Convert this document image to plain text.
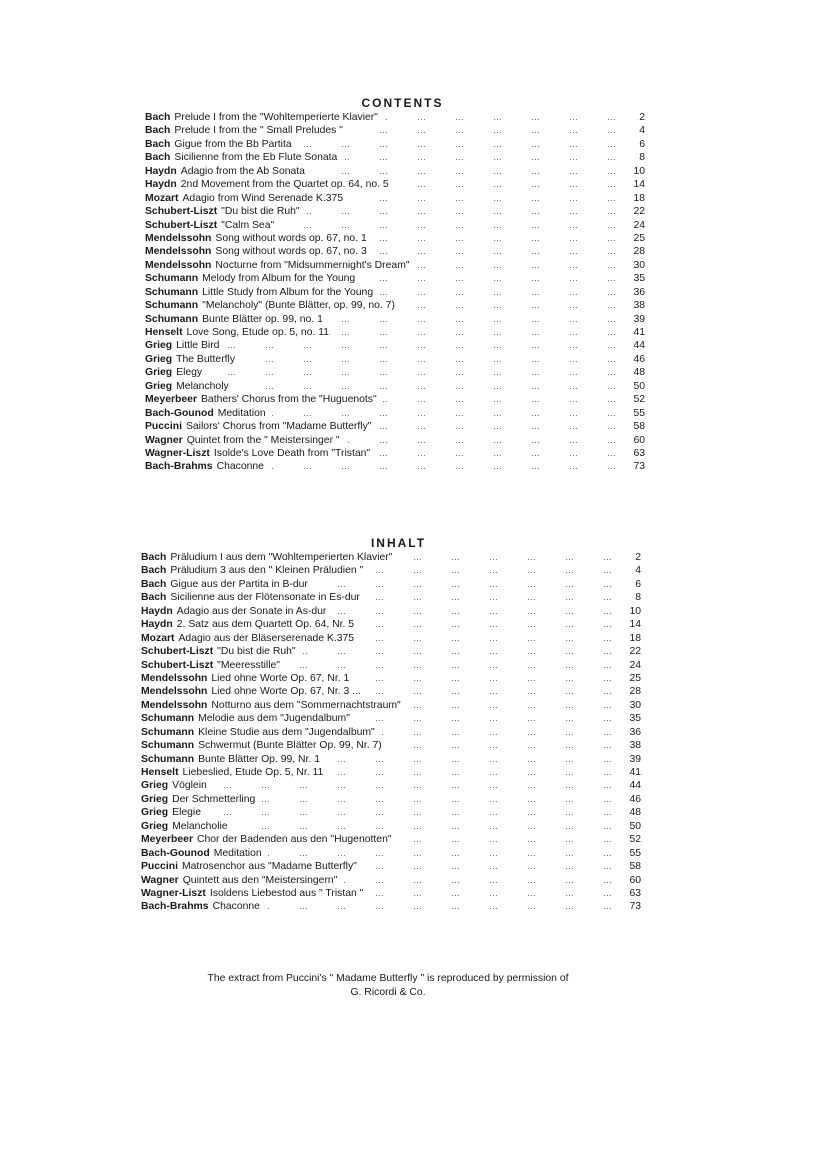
CONTENTS
Bach Prelude I from the "Wohltemperierte Klavier" …        …        …        …        …        …        …        …        …        …        …	2
Bach Prelude I from the " Small Preludes " …        …        …        …        …        …        …        …        …        …        …	4
Bach Gigue from the Bb Partita …        …        …        …        …        …        …        …        …        …        …	6
Bach Sicilienne from the Eb Flute Sonata …        …        …        …        …        …        …        …        …        …        …	8
Haydn Adagio from the Ab Sonata …        …        …        …        …        …        …        …        …        …        …	10
Haydn 2nd Movement from the Quartet op. 64, no. 5 …        …        …        …        …        …        …        …        …        …        …	14
Mozart Adagio from Wind Serenade K.375 …        …        …        …        …        …        …        …        …        …        …	18
Schubert-Liszt "Du bist die Ruh" …        …        …        …        …        …        …        …        …        …        …	22
Schubert-Liszt "Calm Sea" …        …        …        …        …        …        …        …        …        …        …	24
Mendelssohn Song without words op. 67, no. 1 …        …        …        …        …        …        …        …        …        …        …	25
Mendelssohn Song without words op. 67, no. 3 …        …        …        …        …        …        …        …        …        …        …	28
Mendelssohn Nocturne from "Midsummernight's Dream" …        …        …        …        …        …        …        …        …        …        …	30
Schumann Melody from Album for the Young …        …        …        …        …        …        …        …        …        …        …	35
Schumann Little Study from Album for the Young …        …        …        …        …        …        …        …        …        …        …	36
Schumann "Melancholy" (Bunte Blätter, op. 99, no. 7) …        …        …        …        …        …        …        …        …        …        …	38
Schumann Bunte Blätter op. 99, no. 1 …        …        …        …        …        …        …        …        …        …        …	39
Henselt Love Song, Etude op. 5, no. 11 …        …        …        …        …        …        …        …        …        …        …	41
Grieg Little Bird …        …        …        …        …        …        …        …        …        …        …	44
Grieg The Butterfly …        …        …        …        …        …        …        …        …        …        …	46
Grieg Elegy …        …        …        …        …        …        …        …        …        …        …	48
Grieg Melancholy …        …        …        …        …        …        …        …        …        …        …	50
Meyerbeer Bathers' Chorus from the "Huguenots" …        …        …        …        …        …        …        …        …        …        …	52
Bach-Gounod Meditation …        …        …        …        …        …        …        …        …        …        …	55
Puccini Sailors' Chorus from "Madame Butterfly" …        …        …        …        …        …        …        …        …        …        …	58
Wagner Quintet from the " Meistersinger " …        …        …        …        …        …        …        …        …        …        …	60
Wagner-Liszt Isolde's Love Death from "Tristan" …        …        …        …        …        …        …        …        …        …        …	63
Bach-Brahms Chaconne …        …        …        …        …        …        …        …        …        …        …	73
INHALT
Bach Präludium I aus dem "Wohltemperierten Klavier" …        …        …        …        …        …        …        …        …        …        …	2
Bach Präludium 3 aus den " Kleinen Präludien " …        …        …        …        …        …        …        …        …        …        …	4
Bach Gigue aus der Partita in B-dur …        …        …        …        …        …        …        …        …        …        …	6
Bach Sicilienne aus der Flötensonate in Es-dur …        …        …        …        …        …        …        …        …        …        …	8
Haydn Adagio aus der Sonate in As-dur …        …        …        …        …        …        …        …        …        …        …	10
Haydn 2. Satz aus dem Quartett Op. 64, Nr. 5 …        …        …        …        …        …        …        …        …        …        …	14
Mozart Adagio aus der Bläserserenade K.375 …        …        …        …        …        …        …        …        …        …        …	18
Schubert-Liszt "Du bist die Ruh" …        …        …        …        …        …        …        …        …        …        …	22
Schubert-Liszt "Meeresstille" …        …        …        …        …        …        …        …        …        …        …	24
Mendelssohn Lied ohne Worte Op. 67, Nr. 1 …        …        …        …        …        …        …        …        …        …        …	25
Mendelssohn Lied ohne Worte Op. 67, Nr. 3 ... …        …        …        …        …        …        …        …        …        …        …	28
Mendelssohn Notturno aus dem "Sommernachtstraum" …        …        …        …        …        …        …        …        …        …        …	30
Schumann Melodie aus dem "Jugendalbum" …        …        …        …        …        …        …        …        …        …        …	35
Schumann Kleine Studie aus dem "Jugendalbum" …        …        …        …        …        …        …        …        …        …        …	36
Schumann Schwermut (Bunte Blätter Op. 99, Nr. 7) …        …        …        …        …        …        …        …        …        …        …	38
Schumann Bunte Blätter Op. 99, Nr. 1 …        …        …        …        …        …        …        …        …        …        …	39
Henselt Liebeslied, Etude Op. 5, Nr. 11 …        …        …        …        …        …        …        …        …        …        …	41
Grieg Vöglein …        …        …        …        …        …        …        …        …        …        …	44
Grieg Der Schmetterling …        …        …        …        …        …        …        …        …        …        …	46
Grieg Elegie …        …        …        …        …        …        …        …        …        …        …	48
Grieg Melancholie …        …        …        …        …        …        …        …        …        …        …	50
Meyerbeer Chor der Badenden aus den "Hugenotten" …        …        …        …        …        …        …        …        …        …        …	52
Bach-Gounod Meditation …        …        …        …        …        …        …        …        …        …        …	55
Puccini Matrosenchor aus "Madame Butterfly" …        …        …        …        …        …        …        …        …        …        …	58
Wagner Quintett aus den "Meistersingern" …        …        …        …        …        …        …        …        …        …        …	60
Wagner-Liszt Isoldens Liebestod aus " Tristan " …        …        …        …        …        …        …        …        …        …        …	63
Bach-Brahms Chaconne …        …        …        …        …        …        …        …        …        …        …	73
The extract from Puccini's " Madame Butterfly " is reproduced by permission of
G. Ricordi & Co.
